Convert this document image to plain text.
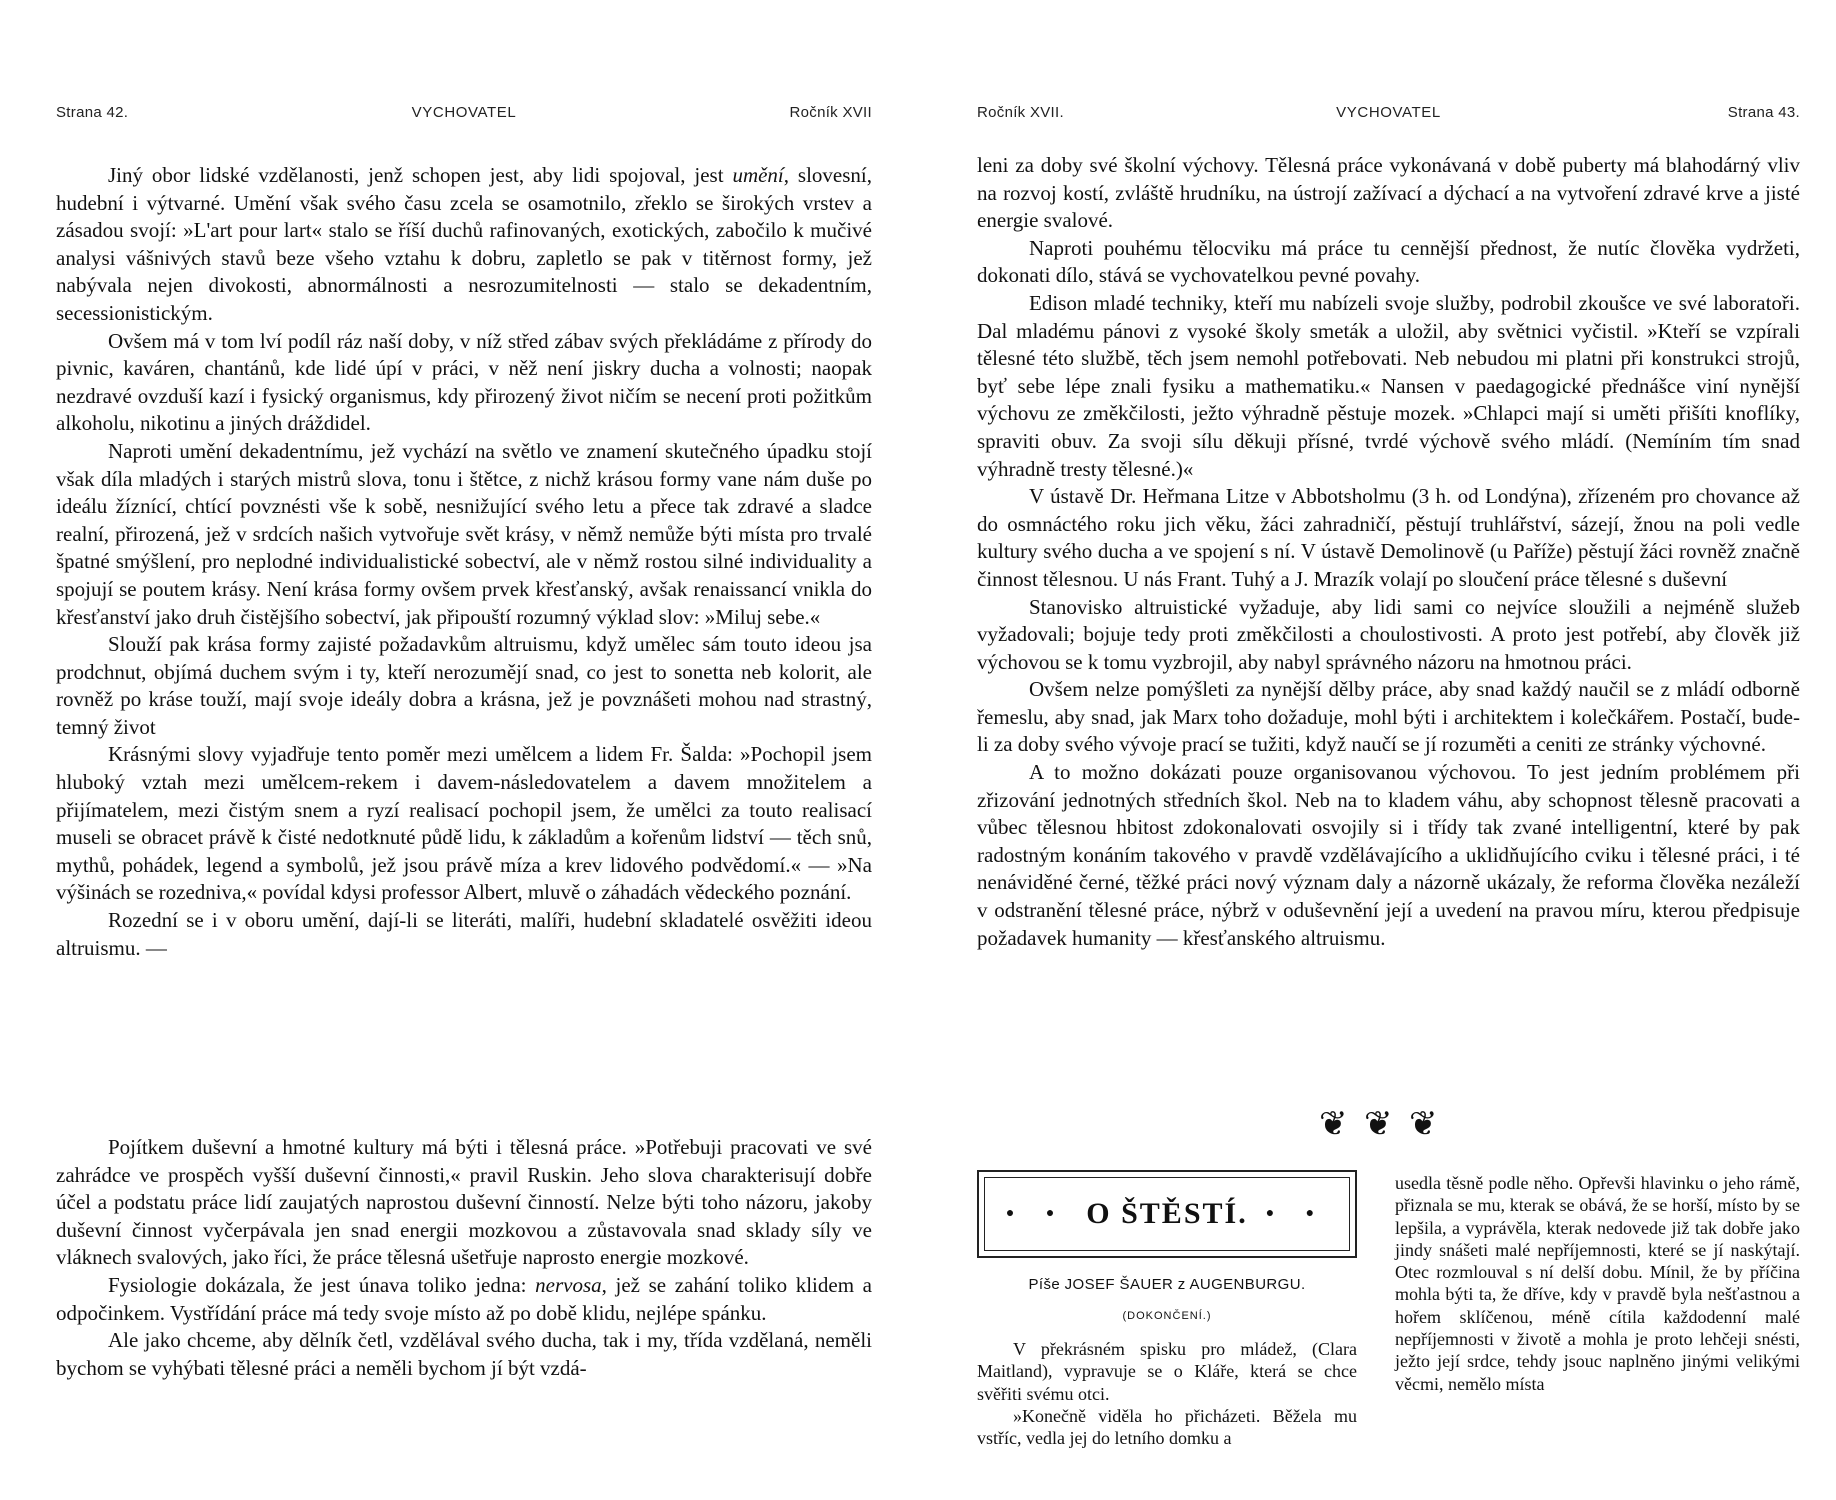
Strana 42.	VYCHOVATEL	Ročník XVII

Jiný obor lidské vzdělanosti, jenž schopen jest, aby lidi spojoval, jest umění, slovesní, hudební i výtvarné. Umění však svého času zcela se osamotnilo, zřeklo se širokých vrstev a zásadou svojí: »L'art pour lart« stalo se říší duchů rafinovaných, exotických, zabočilo k mučivé analysi vášnivých stavů beze všeho vztahu k dobru, zapletlo se pak v titěrnost formy, jež nabývala nejen divokosti, abnormálnosti a nesrozumitelnosti — stalo se dekadentním, secessionistickým.

Ovšem má v tom lví podíl ráz naší doby, v níž střed zábav svých překládáme z přírody do pivnic, kaváren, chantánů, kde lidé úpí v práci, v něž není jiskry ducha a volnosti; naopak nezdravé ovzduší kazí i fysický organismus, kdy přirozený život ničím se necení proti požitkům alkoholu, nikotinu a jiných dráždidel.

Naproti umění dekadentnímu, jež vychází na světlo ve znamení skutečného úpadku stojí však díla mladých i starých mistrů slova, tonu i štětce, z nichž krásou formy vane nám duše po ideálu žíznící, chtící povznésti vše k sobě, nesnižující svého letu a přece tak zdravé a sladce realní, přirozená, jež v srdcích našich vytvořuje svět krásy, v němž nemůže býti místa pro trvalé špatné smýšlení, pro neplodné individualistické sobectví, ale v němž rostou silné individuality a spojují se poutem krásy. Není krása formy ovšem prvek křesťanský, avšak renaissancí vnikla do křesťanství jako druh čistějšího sobectví, jak připouští rozumný výklad slov: »Miluj sebe.«

Slouží pak krása formy zajisté požadavkům altruismu, když umělec sám touto ideou jsa prodchnut, objímá duchem svým i ty, kteří nerozumějí snad, co jest to sonetta neb kolorit, ale rovněž po kráse touží, mají svoje ideály dobra a krásna, jež je povznášeti mohou nad strastný, temný život

Krásnými slovy vyjadřuje tento poměr mezi umělcem a lidem Fr. Šalda: »Pochopil jsem hluboký vztah mezi umělcem-rekem i davem-následovatelem a davem množitelem a přijímatelem, mezi čistým snem a ryzí realisací pochopil jsem, že umělci za touto realisací museli se obracet právě k čisté nedotknuté půdě lidu, k základům a kořenům lidství — těch snů, mythů, pohádek, legend a symbolů, jež jsou právě míza a krev lidového podvědomí.« — »Na výšinách se rozedniva,« povídal kdysi professor Albert, mluvě o záhadách vědeckého poznání.

Rozední se i v oboru umění, dají-li se literáti, malíři, hudební skladatelé osvěžiti ideou altruismu. —

Pojítkem duševní a hmotné kultury má býti i tělesná práce. »Potřebuji pracovati ve své zahrádce ve prospěch vyšší duševní činnosti,« pravil Ruskin. Jeho slova charakterisují dobře účel a podstatu práce lidí zaujatých naprostou duševní činností. Nelze býti toho názoru, jakoby duševní činnost vyčerpávala jen snad energii mozkovou a zůstavovala snad sklady síly ve vláknech svalových, jako říci, že práce tělesná ušetřuje naprosto energie mozkové.

Fysiologie dokázala, že jest únava toliko jedna: nervosa, jež se zahání toliko klidem a odpočinkem. Vystřídání práce má tedy svoje místo až po době klidu, nejlépe spánku.

Ale jako chceme, aby dělník četl, vzdělával svého ducha, tak i my, třída vzdělaná, neměli bychom se vyhýbati tělesné práci a neměli bychom jí být vzdá-

Ročník XVII.	VYCHOVATEL	Strana 43.

leni za doby své školní výchovy. Tělesná práce vykonávaná v době puberty má blahodárný vliv na rozvoj kostí, zvláště hrudníku, na ústrojí zažívací a dýchací a na vytvoření zdravé krve a jisté energie svalové.

Naproti pouhému tělocviku má práce tu cennější přednost, že nutíc člověka vydržeti, dokonati dílo, stává se vychovatelkou pevné povahy.

Edison mladé techniky, kteří mu nabízeli svoje služby, podrobil zkoušce ve své laboratoři. Dal mladému pánovi z vysoké školy smeták a uložil, aby světnici vyčistil. »Kteří se vzpírali tělesné této službě, těch jsem nemohl potřebovati. Neb nebudou mi platni při konstrukci strojů, byť sebe lépe znali fysiku a mathematiku.« Nansen v paedagogické přednášce viní nynější výchovu ze změkčilosti, ježto výhradně pěstuje mozek. »Chlapci mají si uměti přišíti knoflíky, spraviti obuv. Za svoji sílu děkuji přísné, tvrdé výchově svého mládí. (Nemíním tím snad výhradně tresty tělesné.)«

V ústavě Dr. Heřmana Litze v Abbotsholmu (3 h. od Londýna), zřízeném pro chovance až do osmnáctého roku jich věku, žáci zahradničí, pěstují truhlářství, sázejí, žnou na poli vedle kultury svého ducha a ve spojení s ní. V ústavě Demolinově (u Paříže) pěstují žáci rovněž značně činnost tělesnou. U nás Frant. Tuhý a J. Mrazík volají po sloučení práce tělesné s duševní

Stanovisko altruistické vyžaduje, aby lidi sami co nejvíce sloužili a nejméně služeb vyžadovali; bojuje tedy proti změkčilosti a choulostivosti. A proto jest potřebí, aby člověk již výchovou se k tomu vyzbrojil, aby nabyl správného názoru na hmotnou práci.

Ovšem nelze pomýšleti za nynější dělby práce, aby snad každý naučil se z mládí odborně řemeslu, aby snad, jak Marx toho dožaduje, mohl býti i architektem i kolečkářem. Postačí, bude-li za doby svého vývoje prací se tužiti, když naučí se jí rozuměti a ceniti ze stránky výchovné.

A to možno dokázati pouze organisovanou výchovou. To jest jedním problémem při zřizování jednotných středních škol. Neb na to kladem váhu, aby schopnost tělesně pracovati a vůbec tělesnou hbitost zdokonalovati osvojily si i třídy tak zvané intelligentní, které by pak radostným konáním takového v pravdě vzdělávajícího a uklidňujícího cviku i tělesné práci, i té nenáviděné černé, těžké práci nový význam daly a názorně ukázaly, že reforma člověka nezáleží v odstranění tělesné práce, nýbrž v oduševnění její a uvedení na pravou míru, kterou předpisuje požadavek humanity — křesťanského altruismu.

❦ ❦ ❦
● ● O ŠTĚSTÍ. ● ●
Píše JOSEF ŠAUER z AUGENBURGU.
(DOKONČENÍ.)

V překrásném spisku pro mládež, (Clara Maitland), vypravuje se o Kláře, která se chce svěřiti svému otci.

»Konečně viděla ho přicházeti. Běžela mu vstříc, vedla jej do letního domku a

usedla těsně podle něho. Opřevši hlavinku o jeho rámě, přiznala se mu, kterak se obává, že se horší, místo by se lepšila, a vyprávěla, kterak nedovede již tak dobře jako jindy snášeti malé nepříjemnosti, které se jí naskýtají. Otec rozmlouval s ní delší dobu. Mínil, že by příčina mohla býti ta, že dříve, kdy v pravdě byla nešťastnou a hořem sklíčenou, méně cítila každodenní malé nepříjemnosti v životě a mohla je proto lehčeji snésti, ježto její srdce, tehdy jsouc naplněno jinými velikými věcmi, nemělo místa
